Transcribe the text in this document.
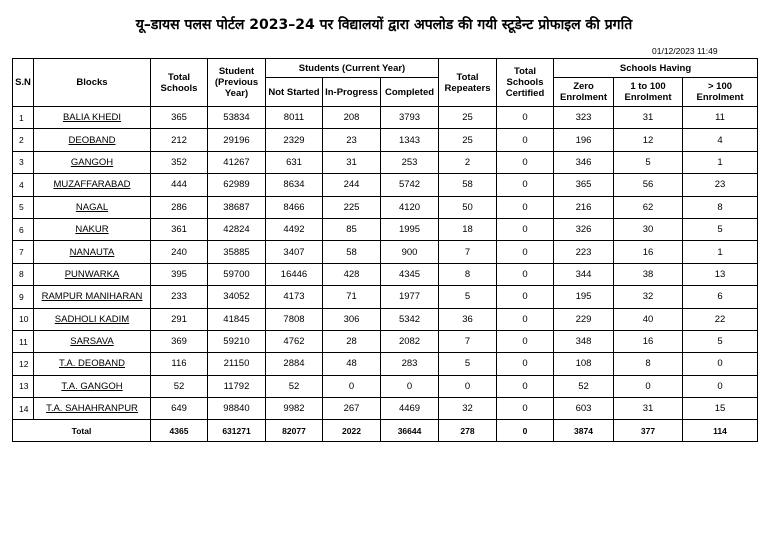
यू–डायस पलस पोर्टल 2023–24 पर विद्यालयों द्वारा अपलोड की गयी स्टूडेन्ट प्रोफाइल की प्रगति
01/12/2023 11:49
S.N	Blocks	Total Schools	Student (Previous Year)	Students (Current Year)			Total Repeaters	Total Schools Certified	Schools Having		
				Not Started	In-Progress	Completed			Zero Enrolment	1 to 100 Enrolment	> 100 Enrolment
1	BALIA KHEDI	365	53834	8011	208	3793	25	0	323	31	11
2	DEOBAND	212	29196	2329	23	1343	25	0	196	12	4
3	GANGOH	352	41267	631	31	253	2	0	346	5	1
4	MUZAFFARABAD	444	62989	8634	244	5742	58	0	365	56	23
5	NAGAL	286	38687	8466	225	4120	50	0	216	62	8
6	NAKUR	361	42824	4492	85	1995	18	0	326	30	5
7	NANAUTA	240	35885	3407	58	900	7	0	223	16	1
8	PUNWARKA	395	59700	16446	428	4345	8	0	344	38	13
9	RAMPUR MANIHARAN	233	34052	4173	71	1977	5	0	195	32	6
10	SADHOLI KADIM	291	41845	7808	306	5342	36	0	229	40	22
11	SARSAVA	369	59210	4762	28	2082	7	0	348	16	5
12	T.A. DEOBAND	116	21150	2884	48	283	5	0	108	8	0
13	T.A. GANGOH	52	11792	52	0	0	0	0	52	0	0
14	T.A. SAHAHRANPUR	649	98840	9982	267	4469	32	0	603	31	15
Total		4365	631271	82077	2022	36644	278	0	3874	377	114
